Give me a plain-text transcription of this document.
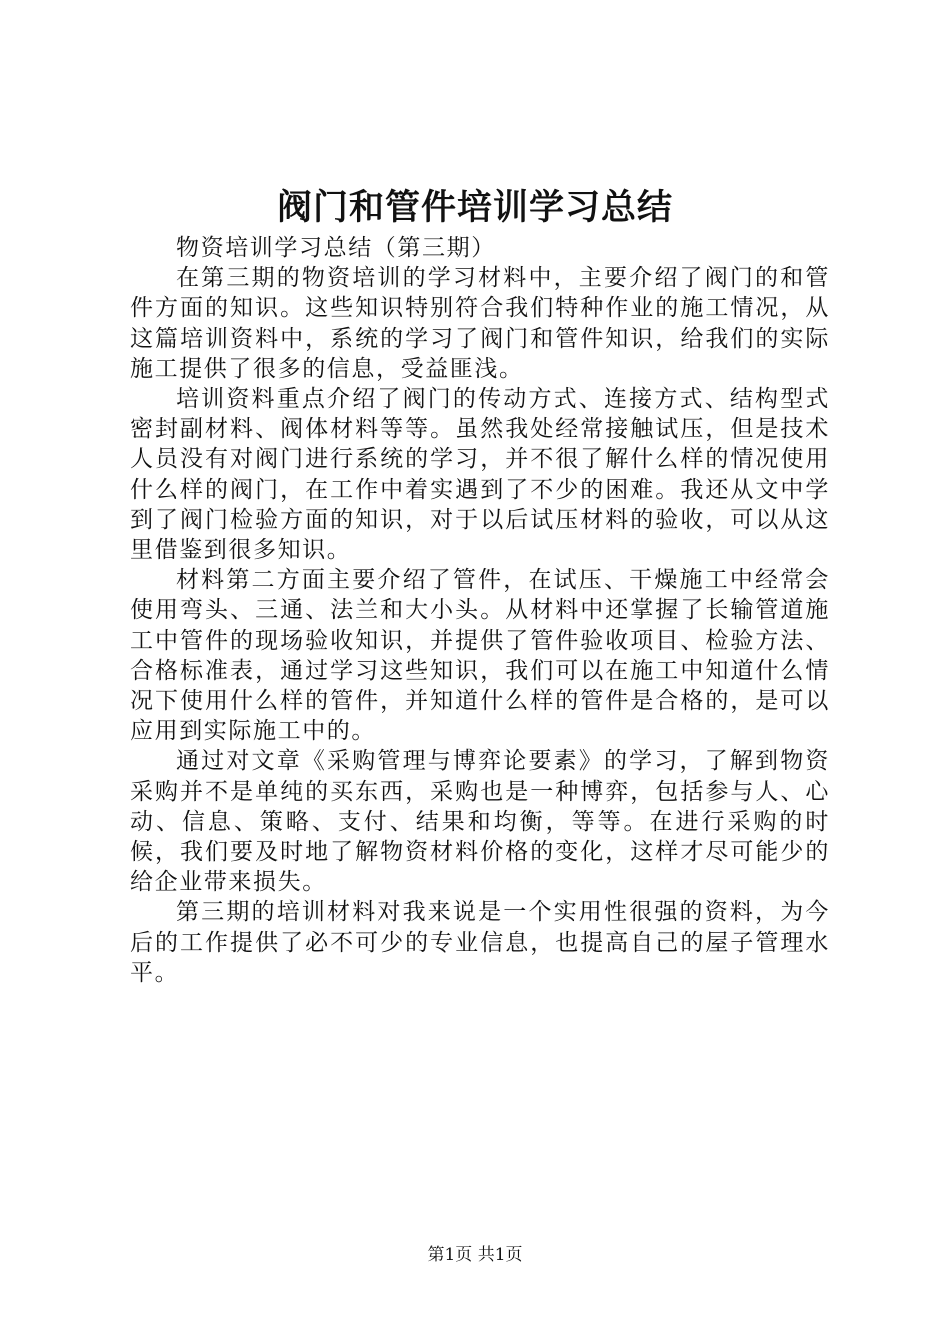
阀门和管件培训学习总结

物资培训学习总结（第三期）

在第三期的物资培训的学习材料中，主要介绍了阀门的和管件方面的知识。这些知识特别符合我们特种作业的施工情况，从这篇培训资料中，系统的学习了阀门和管件知识，给我们的实际施工提供了很多的信息，受益匪浅。

培训资料重点介绍了阀门的传动方式、连接方式、结构型式密封副材料、阀体材料等等。虽然我处经常接触试压，但是技术人员没有对阀门进行系统的学习，并不很了解什么样的情况使用什么样的阀门，在工作中着实遇到了不少的困难。我还从文中学到了阀门检验方面的知识，对于以后试压材料的验收，可以从这里借鉴到很多知识。

材料第二方面主要介绍了管件，在试压、干燥施工中经常会使用弯头、三通、法兰和大小头。从材料中还掌握了长输管道施工中管件的现场验收知识，并提供了管件验收项目、检验方法、合格标准表，通过学习这些知识，我们可以在施工中知道什么情况下使用什么样的管件，并知道什么样的管件是合格的，是可以应用到实际施工中的。

通过对文章《采购管理与博弈论要素》的学习，了解到物资采购并不是单纯的买东西，采购也是一种博弈，包括参与人、心动、信息、策略、支付、结果和均衡，等等。在进行采购的时候，我们要及时地了解物资材料价格的变化，这样才尽可能少的给企业带来损失。

第三期的培训材料对我来说是一个实用性很强的资料，为今后的工作提供了必不可少的专业信息，也提高自己的屋子管理水平。

第1页 共1页
